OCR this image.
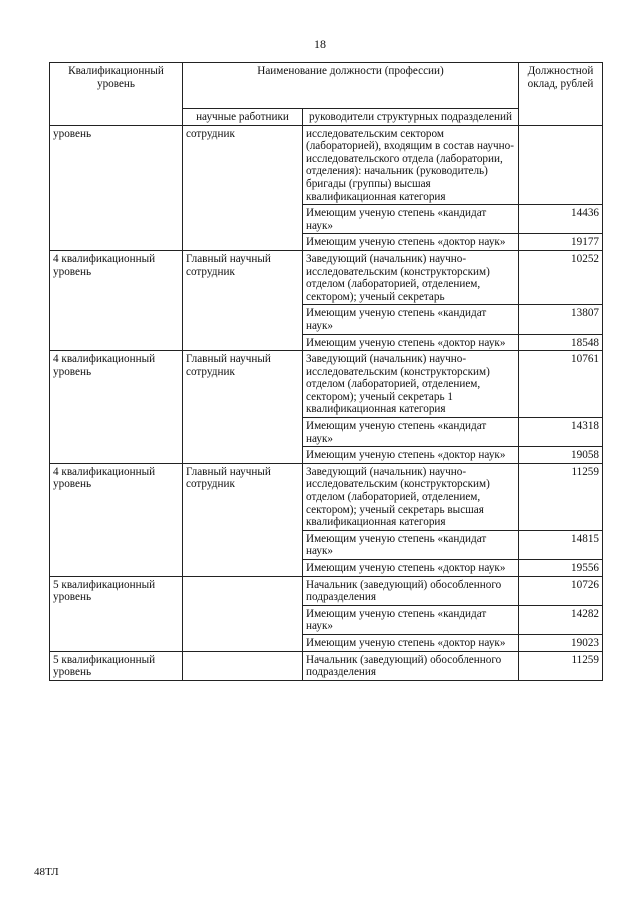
18
Квалификационный уровень	Наименование должности (профессии)		Должностной оклад, рублей
	научные работники	руководители структурных подразделений	
уровень	сотрудник	исследовательским сектором (лабораторией), входящим в состав научно-исследовательского отдела (лаборатории, отделения): начальник (руководитель) бригады (группы) высшая квалификационная категория	
		Имеющим ученую степень «кандидат наук»	14436
		Имеющим ученую степень «доктор наук»	19177
4 квалификационный уровень	Главный научный сотрудник	Заведующий (начальник) научно-исследовательским (конструкторским) отделом (лабораторией, отделением, сектором); ученый секретарь	10252
		Имеющим ученую степень «кандидат наук»	13807
		Имеющим ученую степень «доктор наук»	18548
4 квалификационный уровень	Главный научный сотрудник	Заведующий (начальник) научно-исследовательским (конструкторским) отделом (лабораторией, отделением, сектором); ученый секретарь 1 квалификационная категория	10761
		Имеющим ученую степень «кандидат наук»	14318
		Имеющим ученую степень «доктор наук»	19058
4 квалификационный уровень	Главный научный сотрудник	Заведующий (начальник) научно-исследовательским (конструкторским) отделом (лабораторией, отделением, сектором); ученый секретарь высшая квалификационная категория	11259
		Имеющим ученую степень «кандидат наук»	14815
		Имеющим ученую степень «доктор наук»	19556
5 квалификационный уровень		Начальник (заведующий) обособленного подразделения	10726
		Имеющим ученую степень «кандидат наук»	14282
		Имеющим ученую степень «доктор наук»	19023
5 квалификационный уровень		Начальник (заведующий) обособленного подразделения	11259
48ТЛ
